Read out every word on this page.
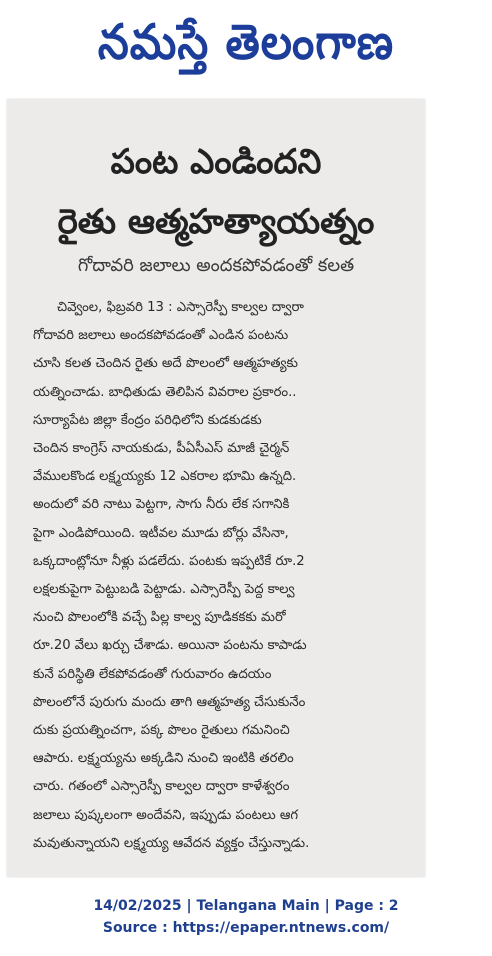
నమస్తే తెలంగాణ
పంట ఎండిందని
రైతు ఆత్మహత్యాయత్నం
గోదావరి జలాలు అందకపోవడంతో కలత
చివ్వెంల, ఫిబ్రవరి 13 : ఎస్సారెస్పీ కాల్వల ద్వారా
గోదావరి జలాలు అందకపోవడంతో ఎండిన పంటను
చూసి కలత చెందిన రైతు అదే పొలంలో ఆత్మహత్యకు
యత్నించాడు. బాధితుడు తెలిపిన వివరాల ప్రకారం..
సూర్యాపేట జిల్లా కేంద్రం పరిధిలోని కుడకుడకు
చెందిన కాంగ్రెస్ నాయకుడు, పీఏసీఎస్ మాజీ చైర్మన్
వేములకొండ లక్ష్మయ్యకు 12 ఎకరాల భూమి ఉన్నది.
అందులో వరి నాటు పెట్టగా, సాగు నీరు లేక సగానికి
పైగా ఎండిపోయింది. ఇటీవల మూడు బోర్లు వేసినా,
ఒక్కదాంట్లోనూ నీళ్లు పడలేదు. పంటకు ఇప్పటికే రూ.2
లక్షలకుపైగా పెట్టుబడి పెట్టాడు. ఎస్సారెస్పీ పెద్ద కాల్వ
నుంచి పొలంలోకి వచ్చే పిల్ల కాల్వ పూడికకకు మరో
రూ.20 వేలు ఖర్చు చేశాడు. అయినా పంటను కాపాడు
కునే పరిస్థితి లేకపోవడంతో గురువారం ఉదయం
పొలంలోనే పురుగు మందు తాగి ఆత్మహత్య చేసుకునేం
దుకు ప్రయత్నించగా, పక్క పొలం రైతులు గమనించి
ఆపారు. లక్ష్మయ్యను అక్కడిని నుంచి ఇంటికి తరలిం
చారు. గతంలో ఎస్సారెస్పీ కాల్వల ద్వారా కాళేశ్వరం
జలాలు పుష్కలంగా అందేవని, ఇప్పుడు పంటలు ఆగ
మవుతున్నాయని లక్ష్మయ్య ఆవేదన వ్యక్తం చేస్తున్నాడు.
14/02/2025 | Telangana Main | Page : 2
Source : https://epaper.ntnews.com/
